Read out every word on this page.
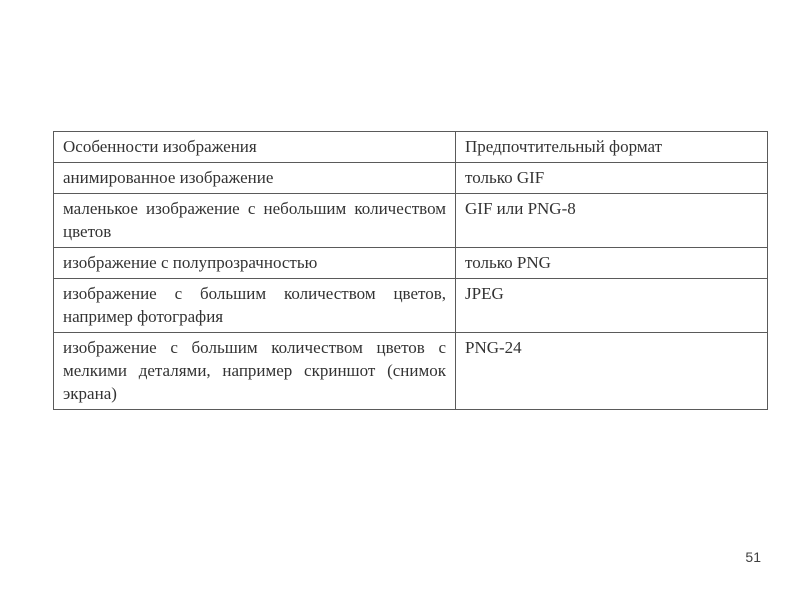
Особенности изображения	Предпочтительный формат
анимированное изображение	только GIF
маленькое изображение с небольшим количеством цветов	GIF или PNG-8
изображение с полупрозрачностью	только PNG
изображение с большим количеством цветов, например фотография	JPEG
изображение с большим количеством цветов с мелкими деталями, например скриншот (снимок экрана)	PNG-24
51
